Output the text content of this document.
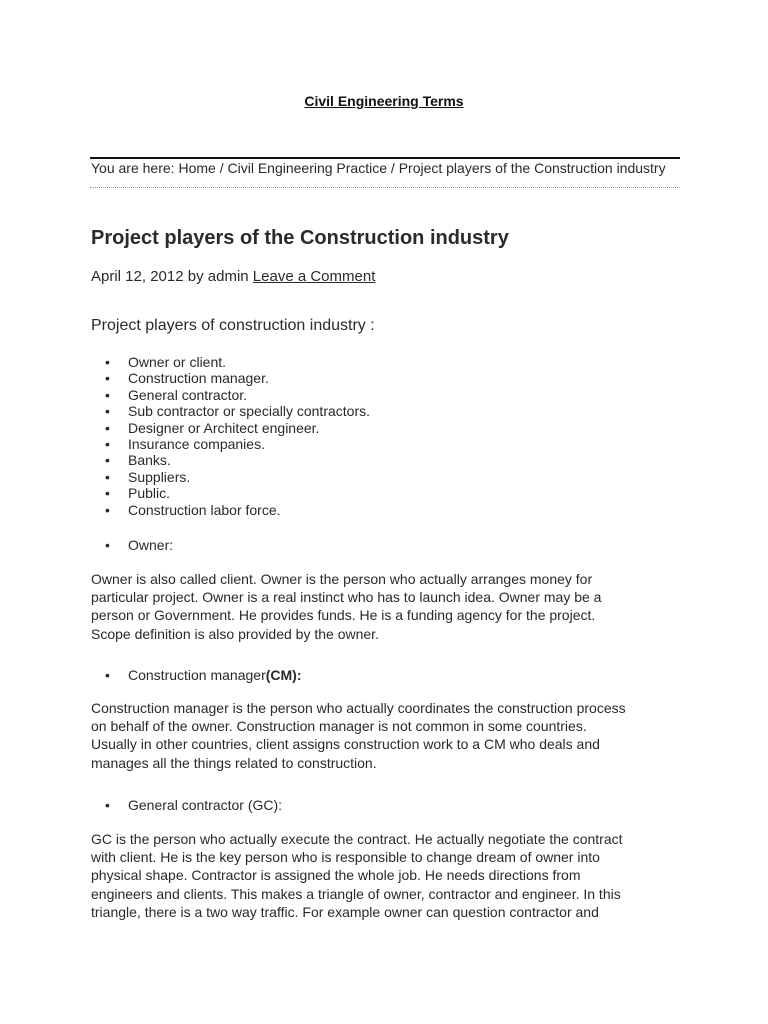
Civil Engineering Terms
You are here: Home / Civil Engineering Practice / Project players of the Construction industry
Project players of the Construction industry
April 12, 2012 by admin Leave a Comment
Project players of construction industry :
• Owner or client.
• Construction manager.
• General contractor.
• Sub contractor or specially contractors.
• Designer or Architect engineer.
• Insurance companies.
• Banks.
• Suppliers.
• Public.
• Construction labor force.
• Owner:

Owner is also called client. Owner is the person who actually arranges money for
particular project. Owner is a real instinct who has to launch idea. Owner may be a
person or Government. He provides funds. He is a funding agency for the project.
Scope definition is also provided by the owner.

• Construction manager(CM):

Construction manager is the person who actually coordinates the construction process
on behalf of the owner. Construction manager is not common in some countries.
Usually in other countries, client assigns construction work to a CM who deals and
manages all the things related to construction.

• General contractor (GC):

GC is the person who actually execute the contract. He actually negotiate the contract
with client. He is the key person who is responsible to change dream of owner into
physical shape. Contractor is assigned the whole job. He needs directions from
engineers and clients. This makes a triangle of owner, contractor and engineer. In this
triangle, there is a two way traffic. For example owner can question contractor and
